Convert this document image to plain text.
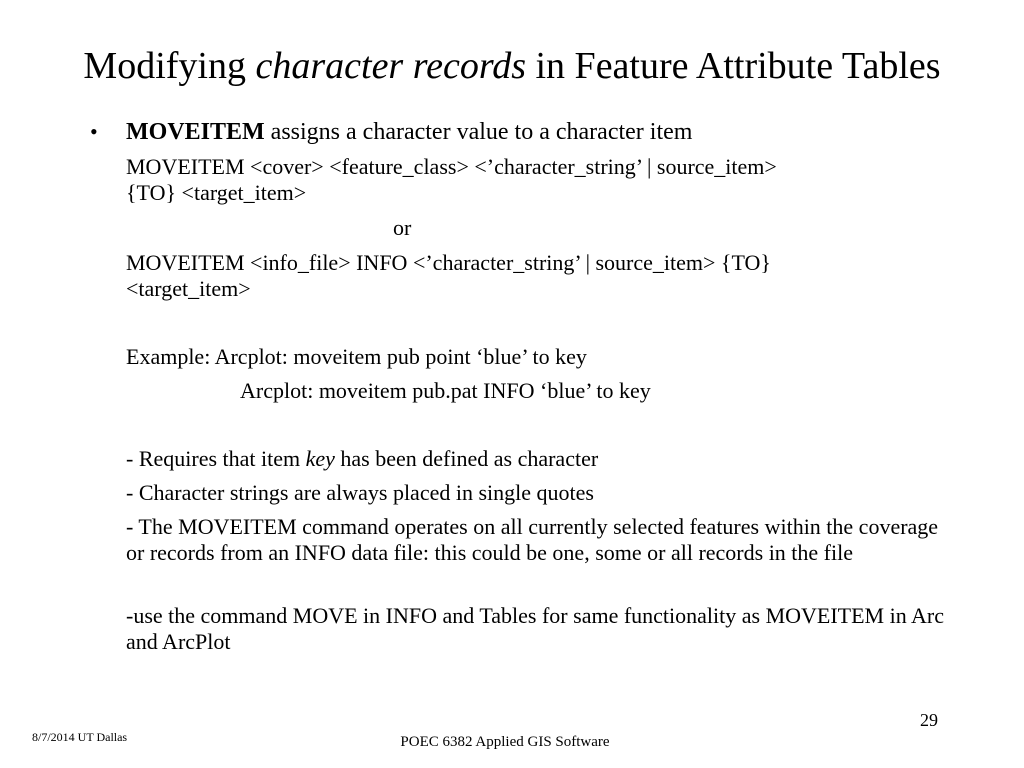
Modifying character records in Feature Attribute Tables
• MOVEITEM assigns a character value to a character item
MOVEITEM <cover> <feature_class> <’character_string’ | source_item>
{TO} <target_item>
or
MOVEITEM <info_file> INFO <’character_string’ | source_item> {TO}
<target_item>
Example: Arcplot: moveitem pub point ‘blue’ to key
Arcplot: moveitem pub.pat INFO ‘blue’ to key
- Requires that item key has been defined as character
- Character strings are always placed in single quotes
- The MOVEITEM command operates on all currently selected features within the coverage or records from an INFO data file: this could be one, some or all records in the file
-use the command MOVE in INFO and Tables for same functionality as MOVEITEM in Arc and ArcPlot
29
8/7/2014 UT Dallas	POEC 6382 Applied GIS Software
